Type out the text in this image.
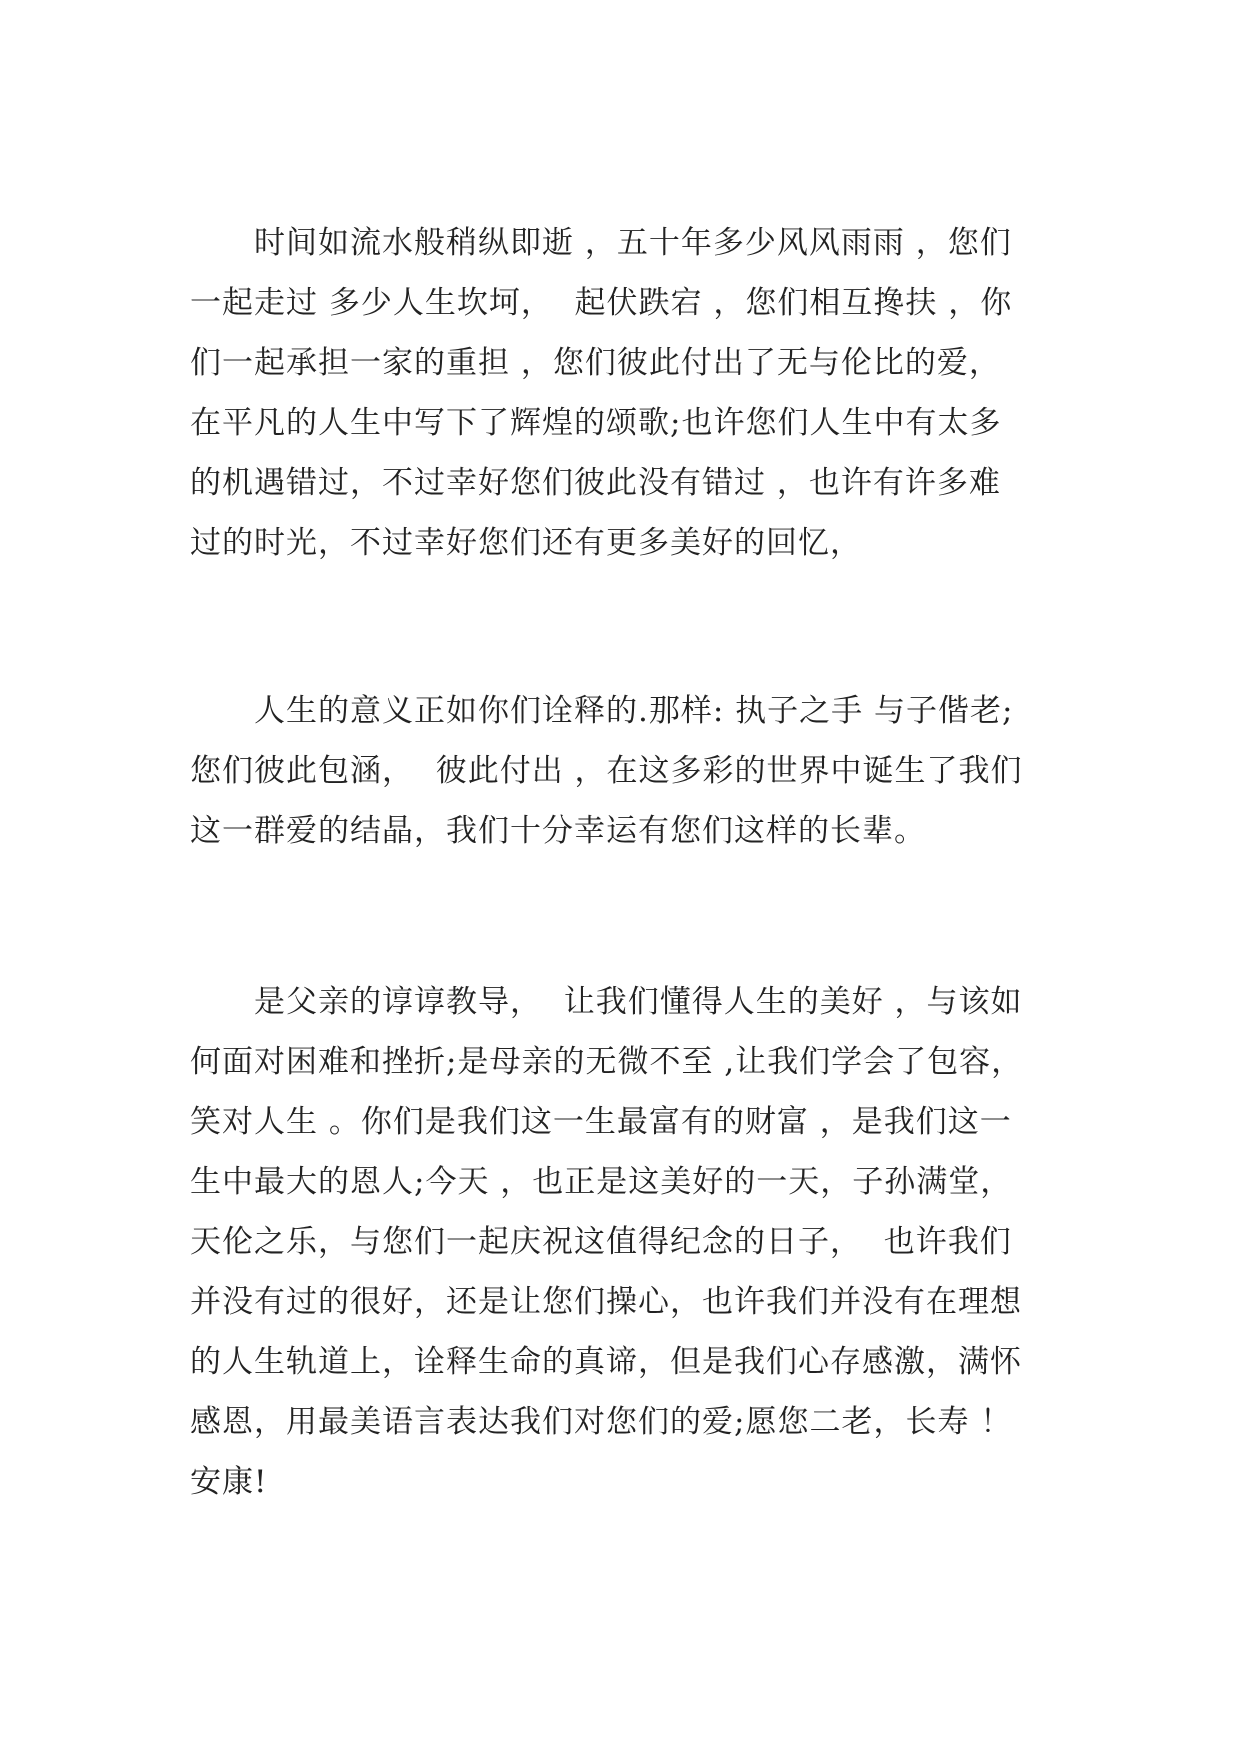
时间如流水般稍纵即逝 ，五十年多少风风雨雨 ，您们
一起走过 多少人生坎坷，  起伏跌宕 ，您们相互搀扶 ，你
们一起承担一家的重担 ，您们彼此付出了无与伦比的爱，
在平凡的人生中写下了辉煌的颂歌;也许您们人生中有太多
的机遇错过，不过幸好您们彼此没有错过 ，也许有许多难
过的时光，不过幸好您们还有更多美好的回忆，
人生的意义正如你们诠释的.那样: 执子之手 与子偕老;
您们彼此包涵，  彼此付出 ，在这多彩的世界中诞生了我们
这一群爱的结晶，我们十分幸运有您们这样的长辈。
是父亲的谆谆教导，  让我们懂得人生的美好 ，与该如
何面对困难和挫折;是母亲的无微不至 ,让我们学会了包容，
笑对人生 。你们是我们这一生最富有的财富 ，是我们这一
生中最大的恩人;今天 ，也正是这美好的一天，子孙满堂，
天伦之乐，与您们一起庆祝这值得纪念的日子，  也许我们
并没有过的很好，还是让您们操心，也许我们并没有在理想
的人生轨道上，诠释生命的真谛，但是我们心存感激，满怀
感恩，用最美语言表达我们对您们的爱;愿您二老，长寿 ！
安康!
